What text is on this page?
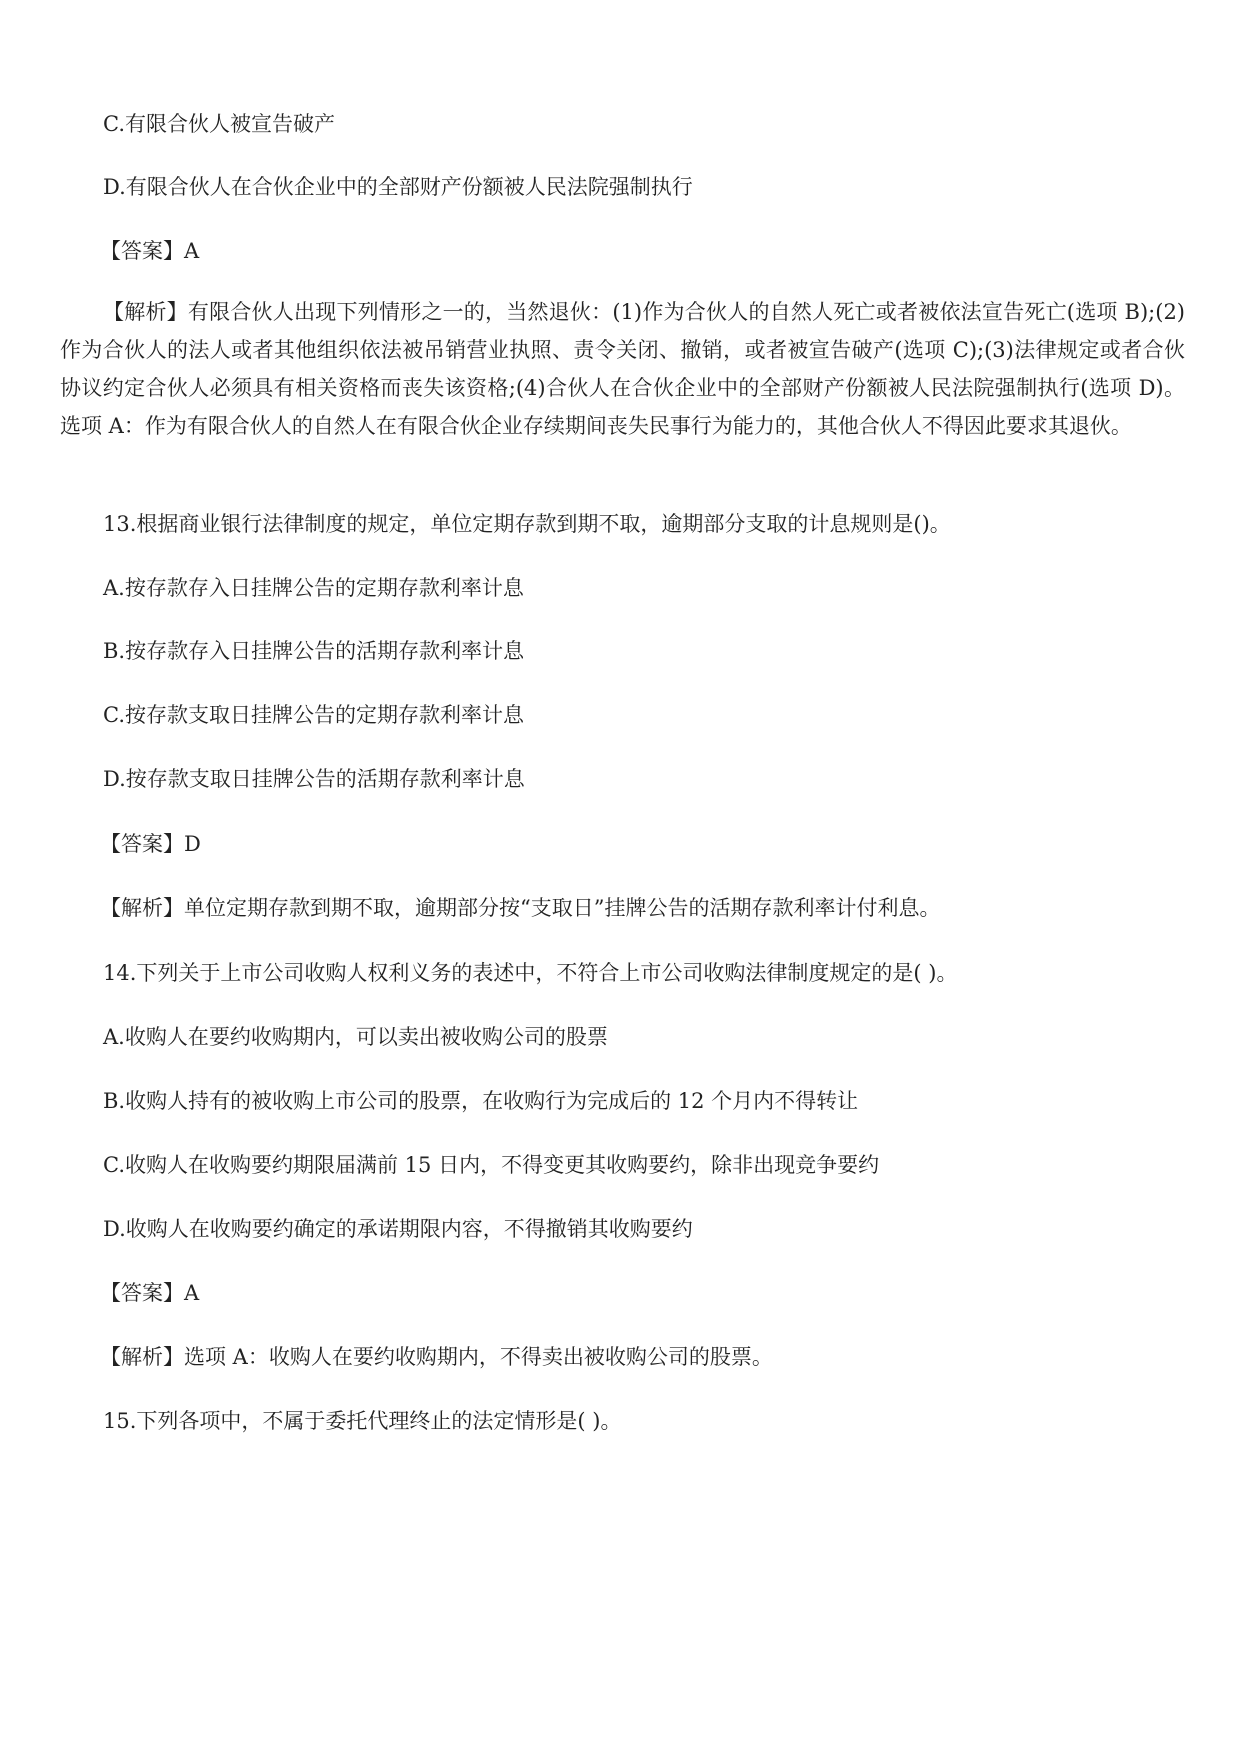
C.有限合伙人被宣告破产
D.有限合伙人在合伙企业中的全部财产份额被人民法院强制执行
【答案】A
【解析】有限合伙人出现下列情形之一的，当然退伙：(1)作为合伙人的自然人死亡或者被依法宣告死亡(选项 B);(2)作为合伙人的法人或者其他组织依法被吊销营业执照、责令关闭、撤销，或者被宣告破产(选项 C);(3)法律规定或者合伙协议约定合伙人必须具有相关资格而丧失该资格;(4)合伙人在合伙企业中的全部财产份额被人民法院强制执行(选项 D)。选项 A：作为有限合伙人的自然人在有限合伙企业存续期间丧失民事行为能力的，其他合伙人不得因此要求其退伙。
13.根据商业银行法律制度的规定，单位定期存款到期不取，逾期部分支取的计息规则是()。
A.按存款存入日挂牌公告的定期存款利率计息
B.按存款存入日挂牌公告的活期存款利率计息
C.按存款支取日挂牌公告的定期存款利率计息
D.按存款支取日挂牌公告的活期存款利率计息
【答案】D
【解析】单位定期存款到期不取，逾期部分按“支取日”挂牌公告的活期存款利率计付利息。
14.下列关于上市公司收购人权利义务的表述中，不符合上市公司收购法律制度规定的是( )。
A.收购人在要约收购期内，可以卖出被收购公司的股票
B.收购人持有的被收购上市公司的股票，在收购行为完成后的 12 个月内不得转让
C.收购人在收购要约期限届满前 15 日内，不得变更其收购要约，除非出现竞争要约
D.收购人在收购要约确定的承诺期限内容，不得撤销其收购要约
【答案】A
【解析】选项 A：收购人在要约收购期内，不得卖出被收购公司的股票。
15.下列各项中，不属于委托代理终止的法定情形是( )。
